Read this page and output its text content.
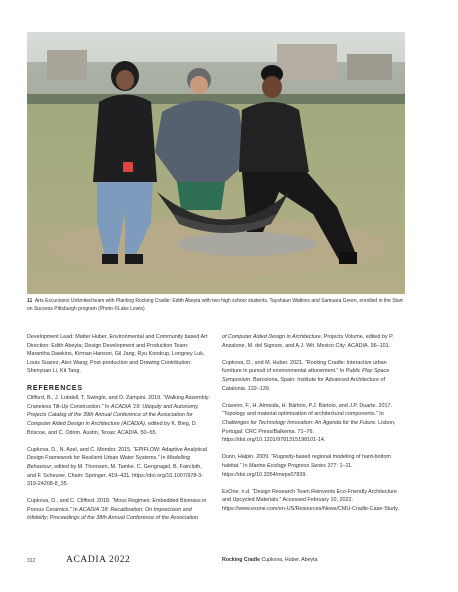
11 Arts Excursions Unlimited team with Planting Rocking Cradle: Edith Abeyta with two high school students, Tayshaun Watkins and Samuara Green, enrolled in the Start on Success Pittsburgh program (Photo ©Lake Lewis)

Development Lead: Matter Huber, Environmental and Community based Art Direction: Edith Abeyta; Design Development and Production Team: Marantha Dawkins, Kirman Hanson, Gil Jang, Ryu Kondrup, Longney Luk, Louis Suarez, Alex Wang; Post-production and Drawing Contribution: Shenyuan Li, Kit Tang.

REFERENCES

Clifford, B., J. Lobdell, T. Swingle, and D. Zampini. 2019. “Walking Assembly: Craneless Tilt-Up Construction.” In ACADIA '19: Ubiquity and Autonomy, Projects Catalog of the 39th Annual Conference of the Association for Computer Aided Design in Architecture (ACADIA), edited by K. Bieg, D. Briscoe, and C. Odom. Austin, Texas: ACADIA. 50–55.

Cupkova, D., N. Azel, and C. Mondor. 2015. “EPIFLOW: Adaptive Analytical Design Framework for Resilient Urban Water Systems.” In Modelling Behaviour, edited by M. Thomsen, M. Tamke, C. Gengnagel, B. Faircloth, and F. Scheurer. Cham: Springer. 419–431. https://doi.org/10.1007/978-3-319-24208-8_35.

Cupkova, D., and C. Clifford. 2018. “Moss Regimes: Embedded Biomass in Porous Ceramics.” In ACADIA '18: Recalibration: On Imprecision and Infidelity; Proceedings of the 38th Annual Conference of the Association

of Computer Aided Design in Architecture, Projects Volume, edited by P. Anzalone, M. del Signore, and A.J. Wit. Mexico City: ACADIA. 96–101.

Cupkova, D., and M. Huber. 2021. “Rocking Cradle: Interactive urban furniture in pursuit of environmental attunement.” In Public Play Space Symposium. Barcelona, Spain: Institute for Advanced Architecture of Catalonia. 132–139.

Craveiro, F., H. Almeida, H. Bártolo, P.J. Bártolo, and J.P. Duarte. 2017. “Topology and material optimization of architectural components.” In Challenges for Technology Innovation: An Agenda for the Future. Lisbon, Portugal: CRC Press/Balkema. 71–76. https://doi.org/10.1201/9781315198101-14.

Dunn, Halpin. 2009. “Rugosity-based regional modeling of hard-bottom habitat.” In Marine Ecology Progress Series 377: 1–11. https://doi.org/10.3354/meps07839.

ExOne. n.d. “Design Research Team Reinvents Eco-Friendly Architecture and Upcycled Materials.” Accessed February 10, 2022. https://www.exone.com/en-US/Resources/News/CMU-Cradle-Case-Study.

312	ACADIA 2022	Rocking Cradle Cupkova, Huber, Abeyta
